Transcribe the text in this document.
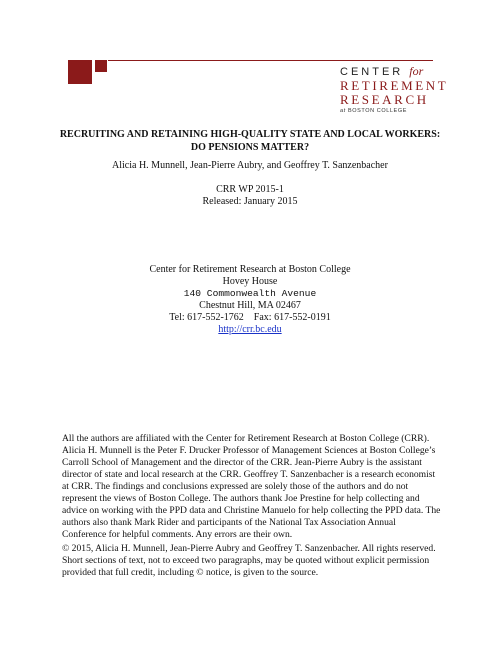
CENTER for
RETIREMENT
RESEARCH
at BOSTON COLLEGE
RECRUITING AND RETAINING HIGH-QUALITY STATE AND LOCAL WORKERS:
DO PENSIONS MATTER?
Alicia H. Munnell, Jean-Pierre Aubry, and Geoffrey T. Sanzenbacher
CRR WP 2015-1
Released: January 2015
Center for Retirement Research at Boston College
Hovey House
140 Commonwealth Avenue
Chestnut Hill, MA 02467
Tel: 617-552-1762    Fax: 617-552-0191
http://crr.bc.edu
All the authors are affiliated with the Center for Retirement Research at Boston College (CRR). Alicia H. Munnell is the Peter F. Drucker Professor of Management Sciences at Boston College’s Carroll School of Management and the director of the CRR. Jean-Pierre Aubry is the assistant director of state and local research at the CRR. Geoffrey T. Sanzenbacher is a research economist at CRR. The findings and conclusions expressed are solely those of the authors and do not represent the views of Boston College. The authors thank Joe Prestine for help collecting and advice on working with the PPD data and Christine Manuelo for help collecting the PPD data. The authors also thank Mark Rider and participants of the National Tax Association Annual Conference for helpful comments. Any errors are their own.
© 2015, Alicia H. Munnell, Jean-Pierre Aubry and Geoffrey T. Sanzenbacher. All rights reserved. Short sections of text, not to exceed two paragraphs, may be quoted without explicit permission provided that full credit, including © notice, is given to the source.
